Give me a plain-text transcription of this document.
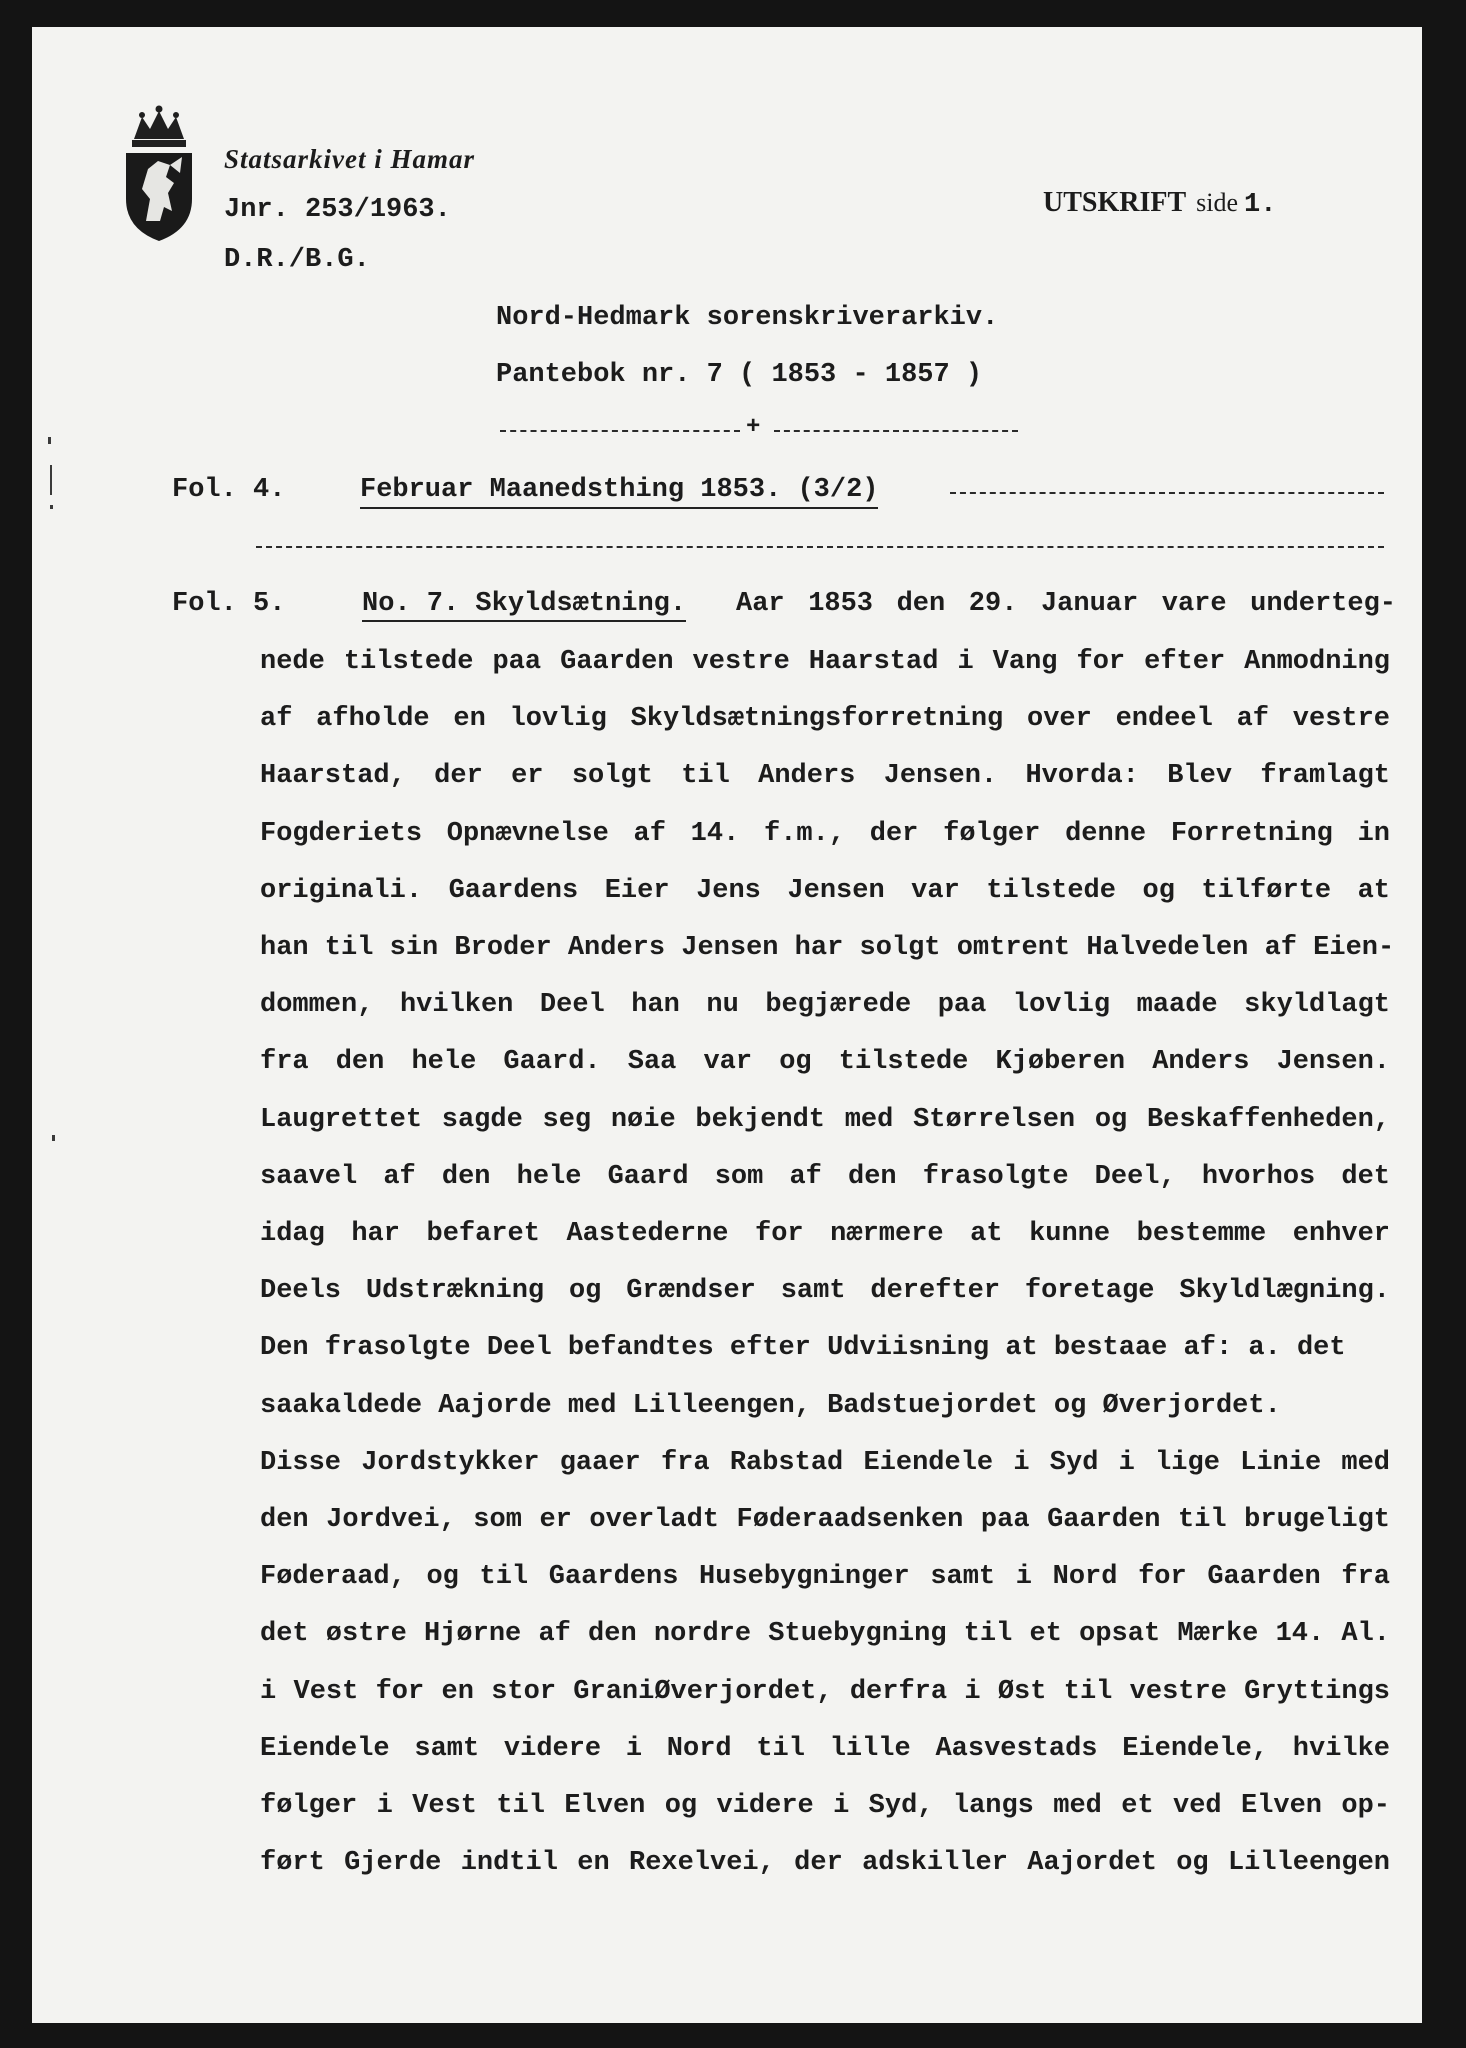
Statsarkivet i Hamar
Jnr. 253/1963.
D.R./B.G.
UTSKRIFT side 1.
Nord-Hedmark sorenskriverarkiv.
Pantebok nr. 7 ( 1853 - 1857 )
+
Fol. 4.	Februar Maanedsthing 1853. (3/2)
Fol. 5.	No. 7. Skyldsætning. Aar 1853 den 29. Januar vare underteg-
nede tilstede paa Gaarden vestre Haarstad i Vang for efter Anmodning
af afholde en lovlig Skyldsætningsforretning over endeel af vestre
Haarstad, der er solgt til Anders Jensen. Hvorda: Blev framlagt
Fogderiets Opnævnelse af 14. f.m., der følger denne Forretning in
originali. Gaardens Eier Jens Jensen var tilstede og tilførte at
han til sin Broder Anders Jensen har solgt omtrent Halvedelen af Eien-
dommen, hvilken Deel han nu begjærede paa lovlig maade skyldlagt
fra den hele Gaard. Saa var og tilstede Kjøberen Anders Jensen.
Laugrettet sagde seg nøie bekjendt med Størrelsen og Beskaffenheden,
saavel af den hele Gaard som af den frasolgte Deel, hvorhos det
idag har befaret Aastederne for nærmere at kunne bestemme enhver
Deels Udstrækning og Grændser samt derefter foretage Skyldlægning.
Den frasolgte Deel befandtes efter Udviisning at bestaae af: a. det
saakaldede Aajorde med Lilleengen, Badstuejordet og Øverjordet.
Disse Jordstykker gaaer fra Rabstad Eiendele i Syd i lige Linie med
den Jordvei, som er overladt Føderaadsenken paa Gaarden til brugeligt
Føderaad, og til Gaardens Husebygninger samt i Nord for Gaarden fra
det østre Hjørne af den nordre Stuebygning til et opsat Mærke 14. Al.
i Vest for en stor GraniØverjordet, derfra i Øst til vestre Gryttings
Eiendele samt videre i Nord til lille Aasvestads Eiendele, hvilke
følger i Vest til Elven og videre i Syd, langs med et ved Elven op-
ført Gjerde indtil en Rexelvei, der adskiller Aajordet og Lilleengen
